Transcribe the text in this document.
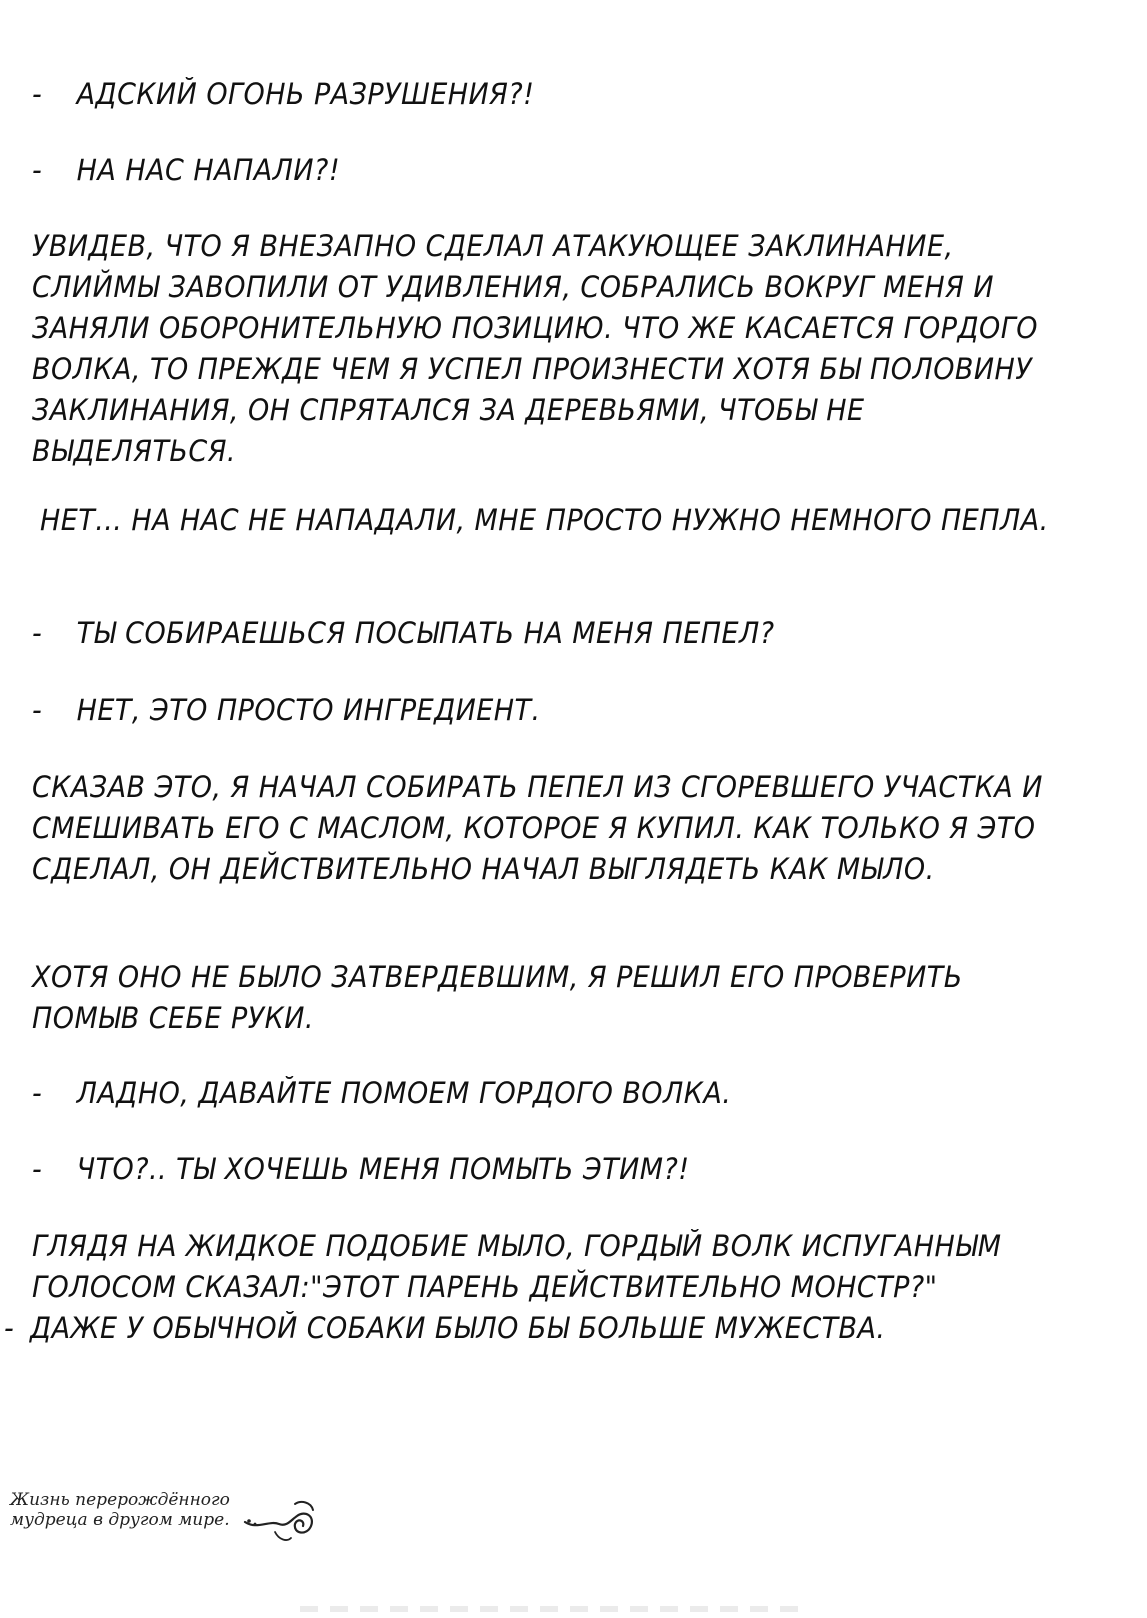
- АДСКИЙ ОГОНЬ РАЗРУШЕНИЯ?!

- НА НАС НАПАЛИ?!

УВИДЕВ, ЧТО Я ВНЕЗАПНО СДЕЛАЛ АТАКУЮЩЕЕ ЗАКЛИНАНИЕ, СЛИЙМЫ ЗАВОПИЛИ ОТ УДИВЛЕНИЯ, СОБРАЛИСЬ ВОКРУГ МЕНЯ И ЗАНЯЛИ ОБОРОНИТЕЛЬНУЮ ПОЗИЦИЮ. ЧТО ЖЕ КАСАЕТСЯ ГОРДОГО ВОЛКА, ТО ПРЕЖДЕ ЧЕМ Я УСПЕЛ ПРОИЗНЕСТИ ХОТЯ БЫ ПОЛОВИНУ ЗАКЛИНАНИЯ, ОН СПРЯТАЛСЯ ЗА ДЕРЕВЬЯМИ, ЧТОБЫ НЕ ВЫДЕЛЯТЬСЯ.

НЕТ... НА НАС НЕ НАПАДАЛИ, МНЕ ПРОСТО НУЖНО НЕМНОГО ПЕПЛА.

- ТЫ СОБИРАЕШЬСЯ ПОСЫПАТЬ НА МЕНЯ ПЕПЕЛ?

- НЕТ, ЭТО ПРОСТО ИНГРЕДИЕНТ.

СКАЗАВ ЭТО, Я НАЧАЛ СОБИРАТЬ ПЕПЕЛ ИЗ СГОРЕВШЕГО УЧАСТКА И СМЕШИВАТЬ ЕГО С МАСЛОМ, КОТОРОЕ Я КУПИЛ. КАК ТОЛЬКО Я ЭТО СДЕЛАЛ, ОН ДЕЙСТВИТЕЛЬНО НАЧАЛ ВЫГЛЯДЕТЬ КАК МЫЛО.

ХОТЯ ОНО НЕ БЫЛО ЗАТВЕРДЕВШИМ, Я РЕШИЛ ЕГО ПРОВЕРИТЬ ПОМЫВ СЕБЕ РУКИ.

- ЛАДНО, ДАВАЙТЕ ПОМОЕМ ГОРДОГО ВОЛКА.

- ЧТО?.. ТЫ ХОЧЕШЬ МЕНЯ ПОМЫТЬ ЭТИМ?!

ГЛЯДЯ НА ЖИДКОЕ ПОДОБИЕ МЫЛО, ГОРДЫЙ ВОЛК ИСПУГАННЫМ ГОЛОСОМ СКАЗАЛ:"ЭТОТ ПАРЕНЬ ДЕЙСТВИТЕЛЬНО МОНСТР?"

- ДАЖЕ У ОБЫЧНОЙ СОБАКИ БЫЛО БЫ БОЛЬШЕ МУЖЕСТВА.

Жизнь перерождённого
мудреца в другом мире.
